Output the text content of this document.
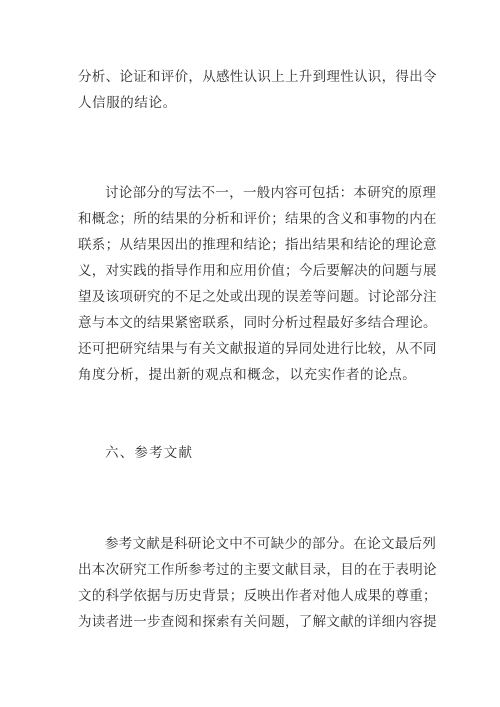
分析、论证和评价，从感性认识上上升到理性认识，得出令
人信服的结论。
讨论部分的写法不一，一般内容可包括：本研究的原理
和概念；所的结果的分析和评价；结果的含义和事物的内在
联系；从结果因出的推理和结论；指出结果和结论的理论意
义，对实践的指导作用和应用价值；今后要解决的问题与展
望及该项研究的不足之处或出现的误差等问题。讨论部分注
意与本文的结果紧密联系，同时分析过程最好多结合理论。
还可把研究结果与有关文献报道的异同处进行比较，从不同
角度分析，提出新的观点和概念，以充实作者的论点。
六、参考文献
参考文献是科研论文中不可缺少的部分。在论文最后列
出本次研究工作所参考过的主要文献目录，目的在于表明论
文的科学依据与历史背景；反映出作者对他人成果的尊重；
为读者进一步查阅和探索有关问题，了解文献的详细内容提
